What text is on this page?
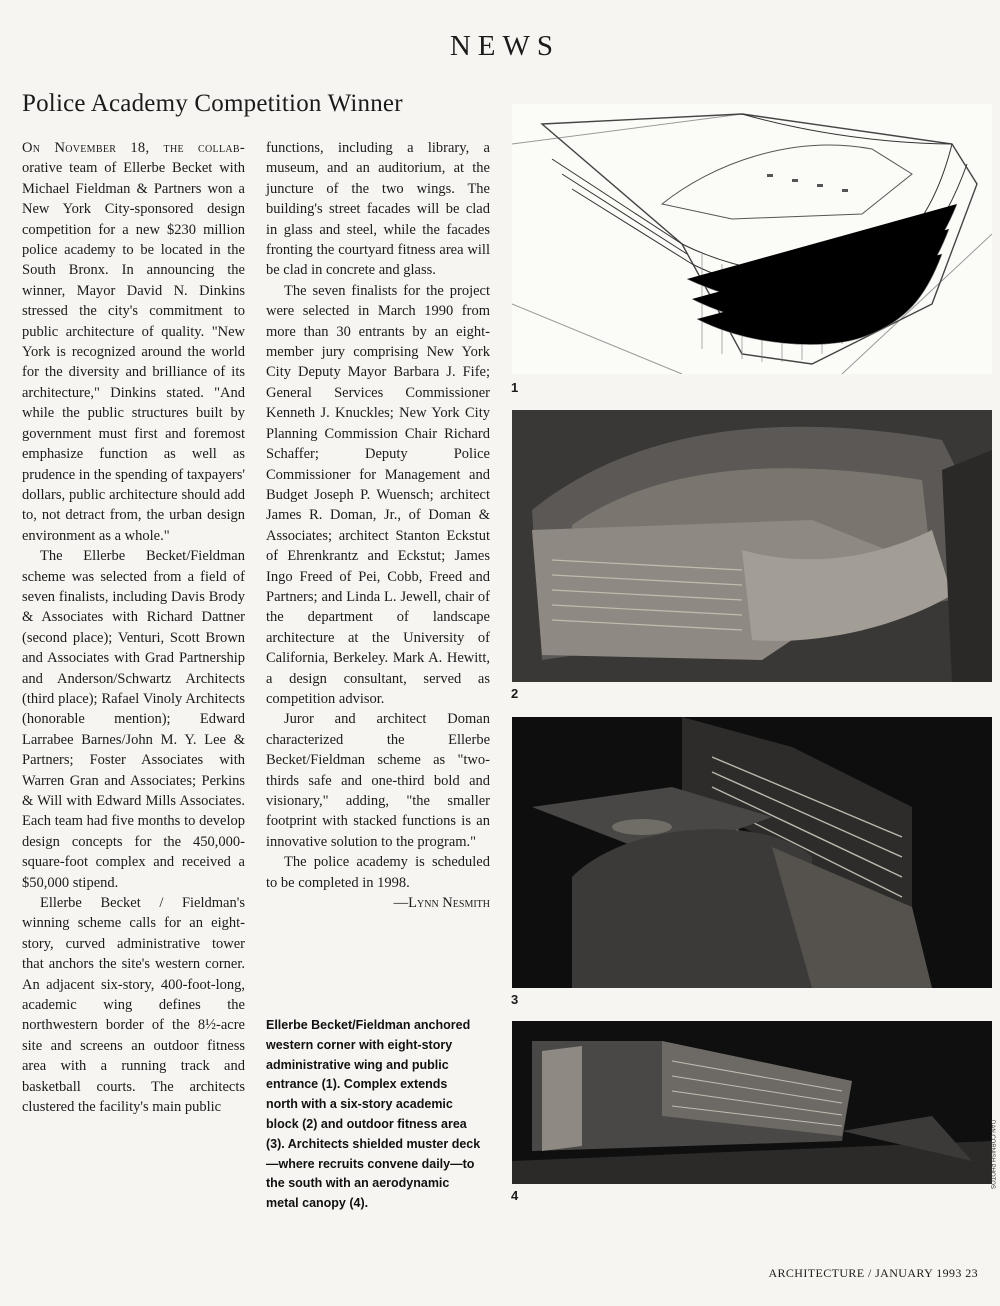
NEWS
Police Academy Competition Winner

On November 18, the collab- orative team of Ellerbe Becket with Michael Fieldman & Partners won a New York City-sponsored design competition for a new $230 million police academy to be located in the South Bronx. In announcing the winner, Mayor David N. Dinkins stressed the city's commitment to public architecture of quality. "New York is recognized around the world for the diversity and brilliance of its architecture," Dinkins stated. "And while the public structures built by government must first and foremost emphasize function as well as prudence in the spending of taxpayers' dollars, public architecture should add to, not detract from, the urban design environment as a whole."

The Ellerbe Becket/Fieldman scheme was selected from a field of seven finalists, including Davis Brody & Associates with Richard Dattner (second place); Venturi, Scott Brown and Associates with Grad Partnership and Anderson/Schwartz Architects (third place); Rafael Vinoly Architects (honorable mention); Edward Larrabee Barnes/John M. Y. Lee & Partners; Foster Associates with Warren Gran and Associates; Perkins & Will with Edward Mills Associates. Each team had five months to develop design concepts for the 450,000-square-foot complex and received a $50,000 stipend.

Ellerbe Becket / Fieldman's winning scheme calls for an eight-story, curved administrative tower that anchors the site's western corner. An adjacent six-story, 400-foot-long, academic wing defines the northwestern border of the 8½-acre site and screens an outdoor fitness area with a running track and basketball courts. The architects clustered the facility's main public

functions, including a library, a museum, and an auditorium, at the juncture of the two wings. The building's street facades will be clad in glass and steel, while the facades fronting the courtyard fitness area will be clad in concrete and glass.

The seven finalists for the project were selected in March 1990 from more than 30 entrants by an eight-member jury comprising New York City Deputy Mayor Barbara J. Fife; General Services Commissioner Kenneth J. Knuckles; New York City Planning Commission Chair Richard Schaffer; Deputy Police Commissioner for Management and Budget Joseph P. Wuensch; architect James R. Doman, Jr., of Doman & Associates; architect Stanton Eckstut of Ehrenkrantz and Eckstut; James Ingo Freed of Pei, Cobb, Freed and Partners; and Linda L. Jewell, chair of the department of landscape architecture at the University of California, Berkeley. Mark A. Hewitt, a design consultant, served as competition advisor.

Juror and architect Doman characterized the Ellerbe Becket/Fieldman scheme as "two-thirds safe and one-third bold and visionary," adding, "the smaller footprint with stacked functions is an innovative solution to the program."

The police academy is scheduled to be completed in 1998.

—Lynn Nesmith

Ellerbe Becket/Fieldman anchored western corner with eight-story administrative wing and public entrance (1). Complex extends north with a six-story academic block (2) and outdoor fitness area (3). Architects shielded muster deck—where recruits convene daily—to the south with an aerodynamic metal canopy (4).
1
2
3
4
DAN CORNISH PHOTOS
ARCHITECTURE / JANUARY 1993 23
